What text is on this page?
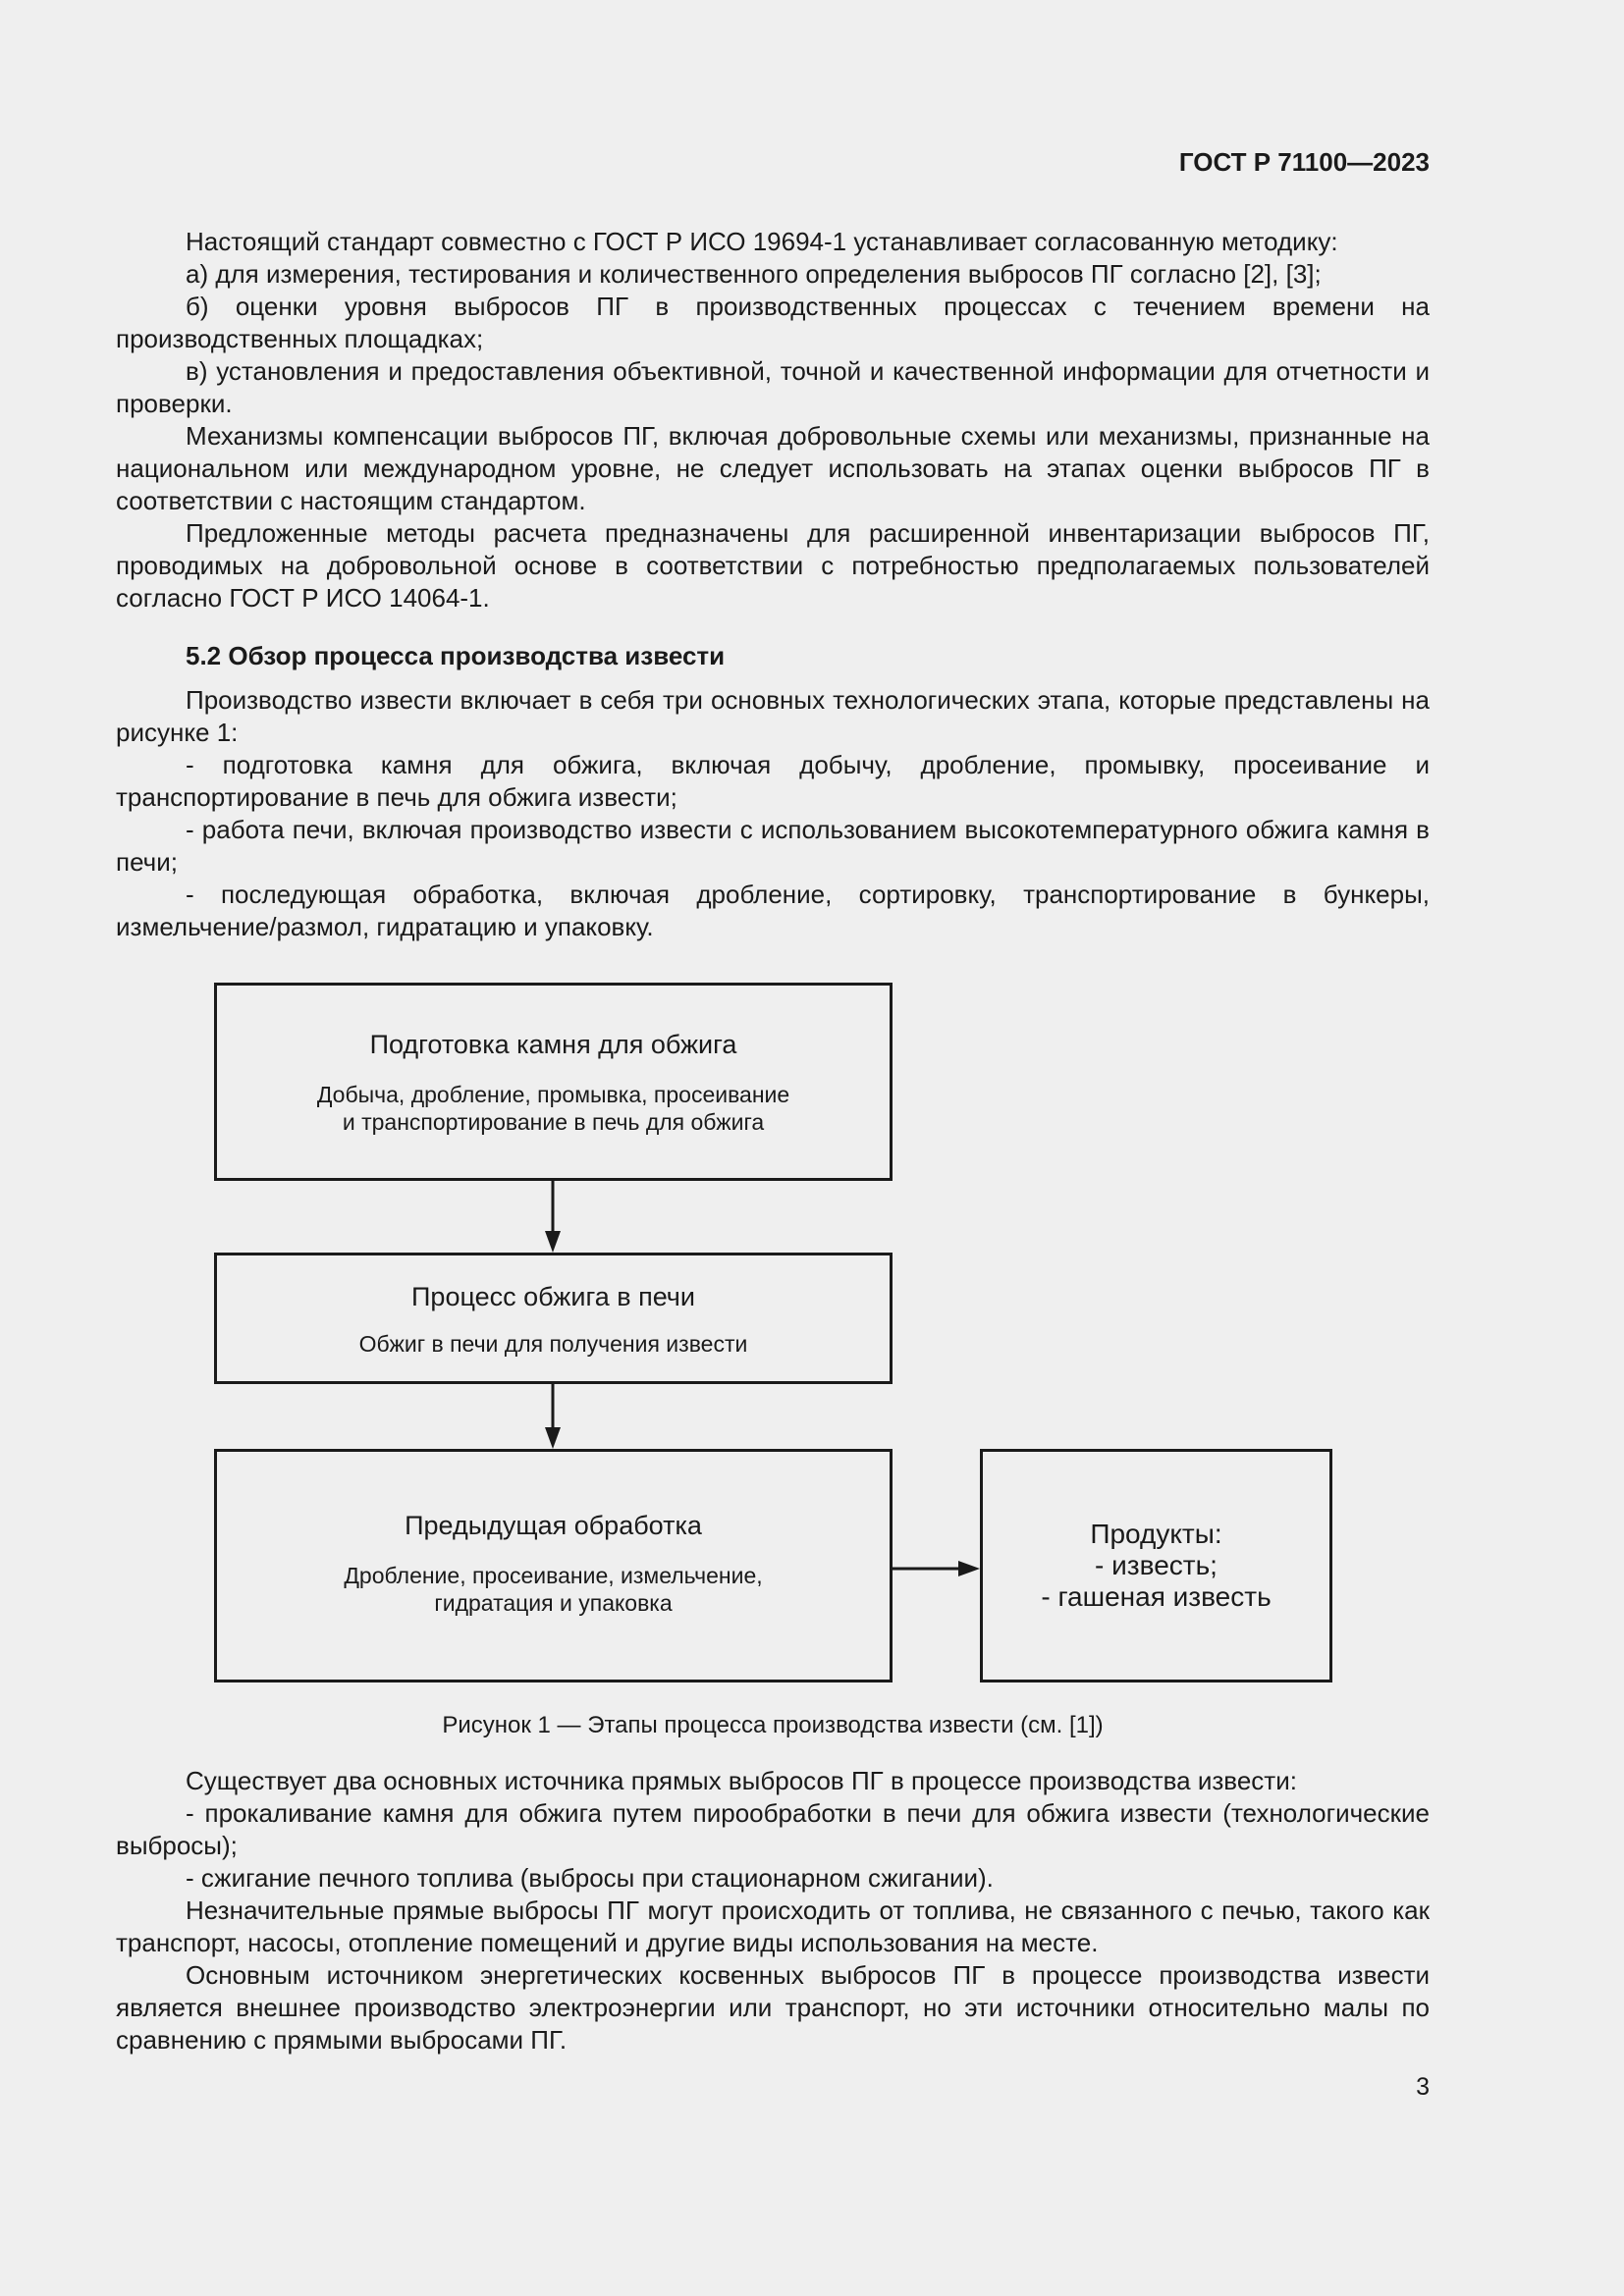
ГОСТ Р 71100—2023

Настоящий стандарт совместно с ГОСТ Р ИСО 19694-1 устанавливает согласованную методику:

а) для измерения, тестирования и количественного определения выбросов ПГ согласно [2], [3];

б) оценки уровня выбросов ПГ в производственных процессах с течением времени на производственных площадках;

в) установления и предоставления объективной, точной и качественной информации для отчетности и проверки.

Механизмы компенсации выбросов ПГ, включая добровольные схемы или механизмы, признанные на национальном или международном уровне, не следует использовать на этапах оценки выбросов ПГ в соответствии с настоящим стандартом.

Предложенные методы расчета предназначены для расширенной инвентаризации выбросов ПГ, проводимых на добровольной основе в соответствии с потребностью предполагаемых пользователей согласно ГОСТ Р ИСО 14064-1.

5.2 Обзор процесса производства извести

Производство извести включает в себя три основных технологических этапа, которые представлены на рисунке 1:

- подготовка камня для обжига, включая добычу, дробление, промывку, просеивание и транспортирование в печь для обжига извести;

- работа печи, включая производство извести с использованием высокотемпературного обжига камня в печи;

- последующая обработка, включая дробление, сортировку, транспортирование в бункеры, измельчение/размол, гидратацию и упаковку.

Подготовка камня для обжига
Добыча, дробление, промывка, просеивание
и транспортирование в печь для обжига
Процесс обжига в печи
Обжиг в печи для получения извести
Предыдущая обработка
Дробление, просеивание, измельчение,
гидратация и упаковка
Продукты:
- известь;
- гашеная известь
Рисунок 1 — Этапы процесса производства извести (см. [1])

Существует два основных источника прямых выбросов ПГ в процессе производства извести:

- прокаливание камня для обжига путем пирообработки в печи для обжига извести (технологические выбросы);

- сжигание печного топлива (выбросы при стационарном сжигании).

Незначительные прямые выбросы ПГ могут происходить от топлива, не связанного с печью, такого как транспорт, насосы, отопление помещений и другие виды использования на месте.

Основным источником энергетических косвенных выбросов ПГ в процессе производства извести является внешнее производство электроэнергии или транспорт, но эти источники относительно малы по сравнению с прямыми выбросами ПГ.

3
